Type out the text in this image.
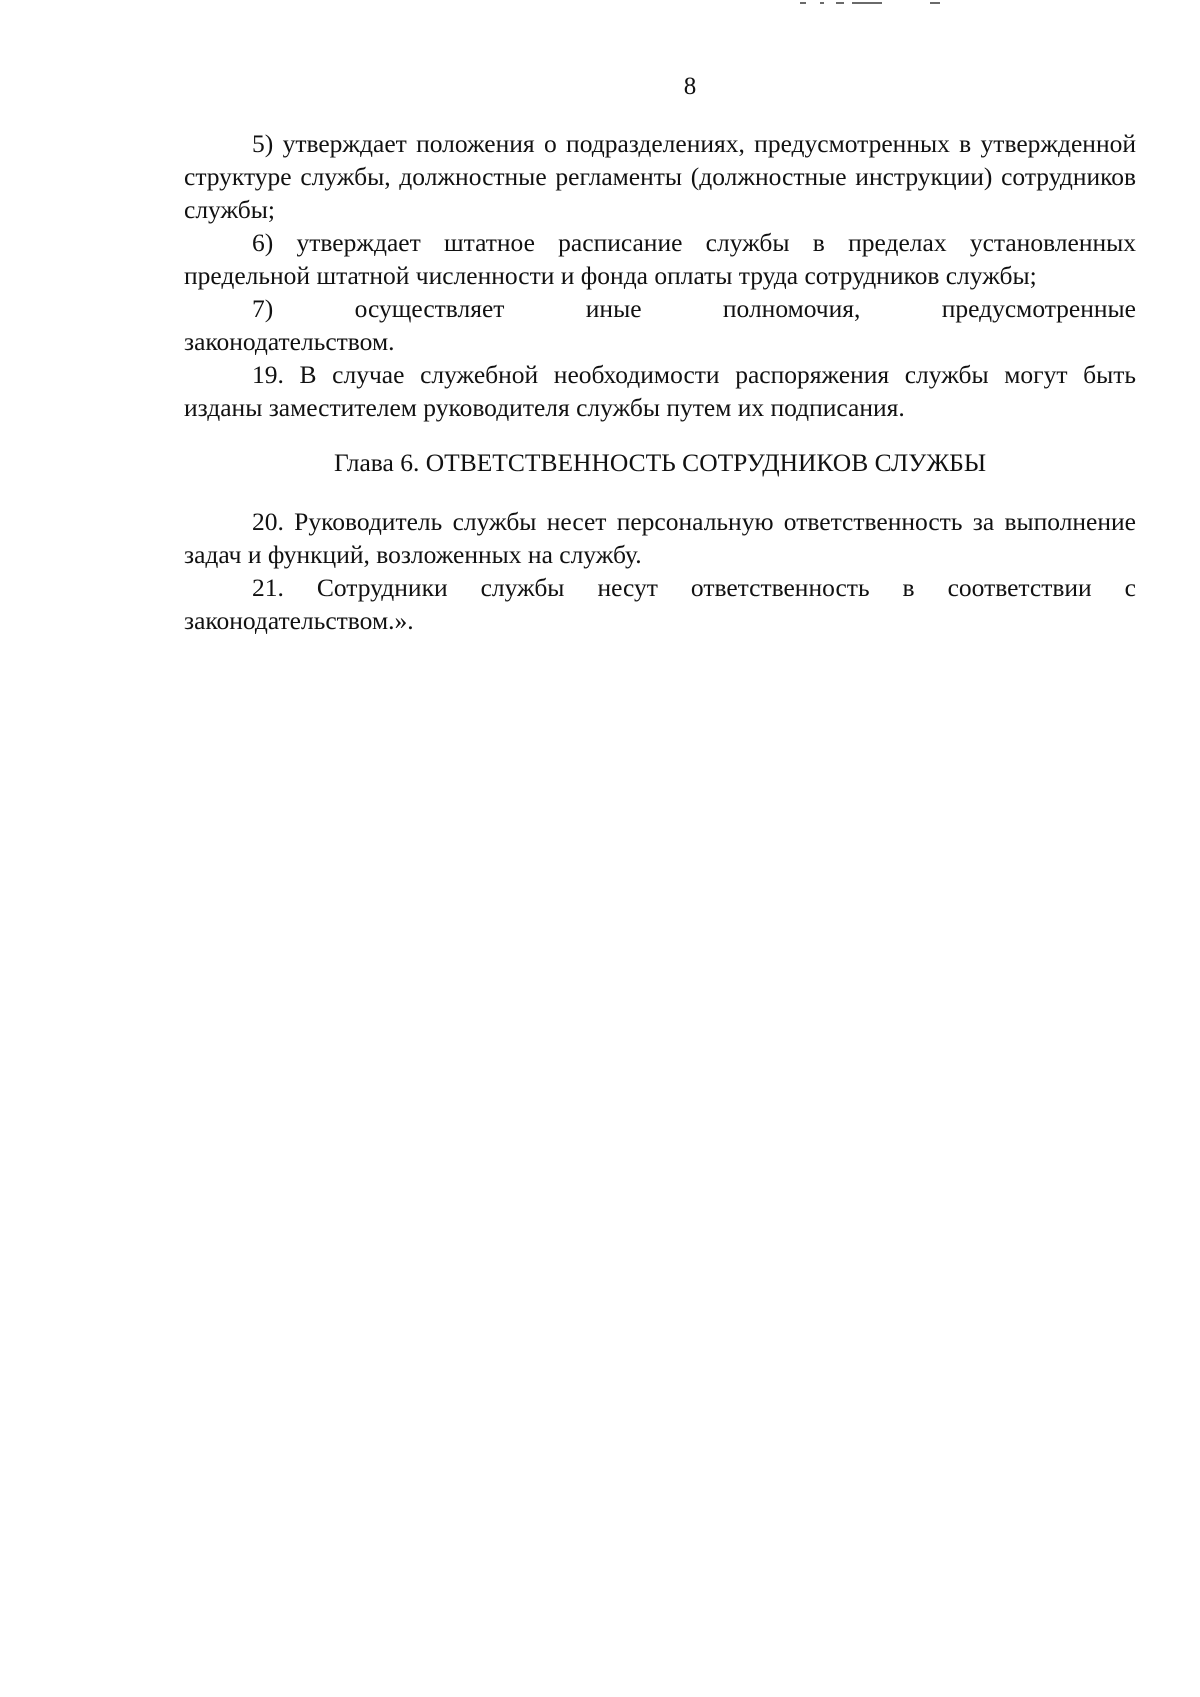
8

5) утверждает положения о подразделениях, предусмотренных в утвержденной структуре службы, должностные регламенты (должностные инструкции) сотрудников службы;

6) утверждает штатное расписание службы в пределах установленных предельной штатной численности и фонда оплаты труда сотрудников службы;

7) осуществляет иные полномочия, предусмотренные

законодательством.

19. В случае служебной необходимости распоряжения службы могут быть изданы заместителем руководителя службы путем их подписания.

Глава 6. ОТВЕТСТВЕННОСТЬ СОТРУДНИКОВ СЛУЖБЫ

20. Руководитель службы несет персональную ответственность за выполнение задач и функций, возложенных на службу.

21. Сотрудники службы несут ответственность в соответствии с законодательством.».
